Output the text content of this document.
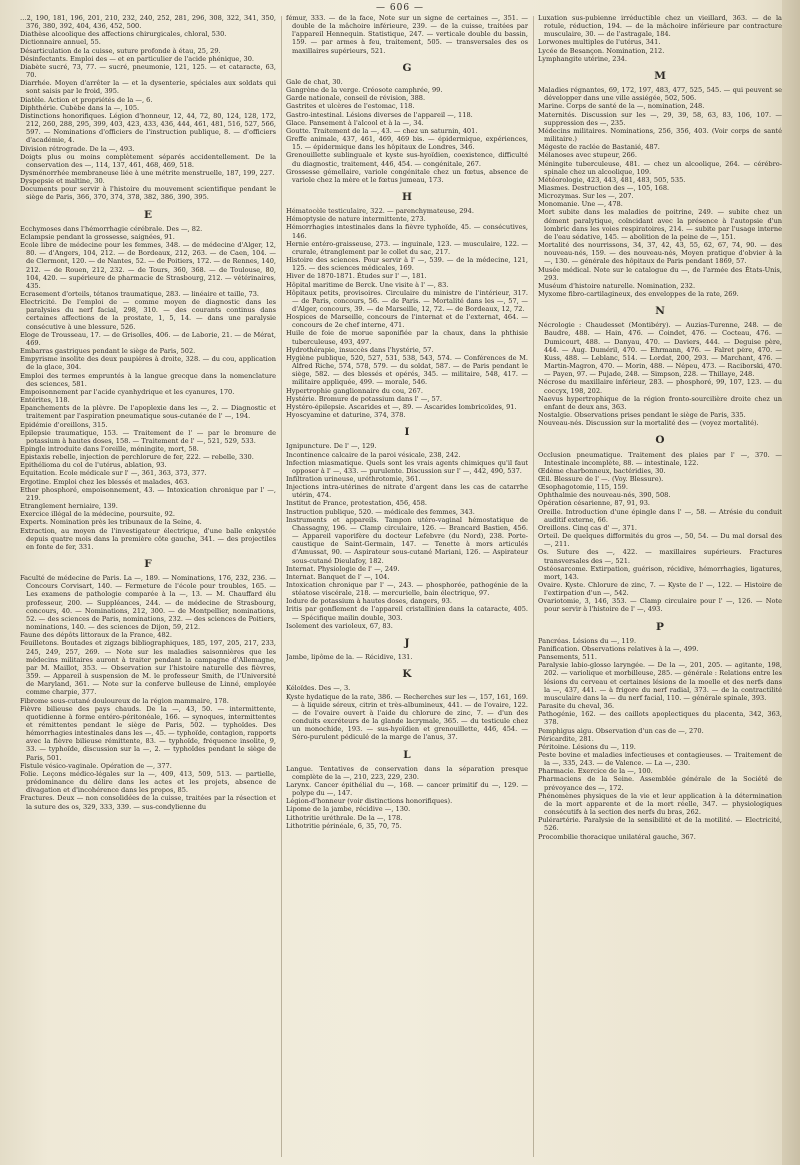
— 606 —

…2, 190, 181, 196, 201, 210, 232, 240, 252, 281, 296, 308, 322, 341, 350, 376, 380, 392, 404, 436, 452, 500.

Diathèse alcoolique des affections chirurgicales, chloral, 530.

Dictionnaire annuel, 55.

Désarticulation de la cuisse, suture profonde à étau, 25, 29.

Désinfectants. Emploi des — et en particulier de l'acide phénique, 30.

Diabète sucré, 73, 77. — sucré, pneumonie, 121, 125. — et cataracte, 63, 70.

Diarrhée. Moyen d'arrêter la — et la dysenterie, spéciales aux soldats qui sont saisis par le froid, 395.

Diatèle. Action et propriétés de la —, 6.

Diphthérie. Cubèbe dans la —, 105.

Distinctions honorifiques. Légion d'honneur, 12, 44, 72, 80, 124, 128, 172, 212, 260, 288, 295, 399, 403, 423, 433, 436, 444, 461, 481, 516, 527, 566, 597. — Nominations d'officiers de l'instruction publique, 8. — d'officiers d'académie, 4.

Division rétrograde. De la —, 493.

Doigts plus ou moins complètement séparés accidentellement. De la conservation des —, 114, 137, 461, 468, 469, 518.

Dysménorrhée membraneuse liée à une métrite menstruelle, 187, 199, 227.

Dyspepsie et maltine, 30.

Documents pour servir à l'histoire du mouvement scientifique pendant le siège de Paris, 366, 370, 374, 378, 382, 386, 390, 395.

E

Ecchymoses dans l'hémorrhagie cérébrale. Des —, 82.

Eclampsie pendant la grossesse, saignées, 91.

Ecole libre de médecine pour les femmes, 348. — de médecine d'Alger, 12, 80. — d'Angers, 104, 212. — de Bordeaux, 212, 263. — de Caen, 104. — de Clermont, 120. — de Nantes, 52. — de Poitiers, 172. — de Rennes, 140, 212. — de Rouen, 212, 232. — de Tours, 360, 368. — de Toulouse, 80, 104, 420. — supérieure de pharmacie de Strasbourg, 212. — vétérinaires, 435.

Ecrasement d'orteils, tétanos traumatique, 283. — linéaire et taille, 73.

Electricité. De l'emploi de — comme moyen de diagnostic dans les paralysies du nerf facial, 298, 310. — des courants continus dans certaines affections de la prostate, 1, 5, 14. — dans une paralysie consécutive à une blessure, 526.

Eloge de Trousseau, 17. — de Grisolles, 406. — de Laborie, 21. — de Mérat, 469.

Embarras gastriques pendant le siège de Paris, 502.

Empyrisme insolite des deux paupières à droite, 328. — du cou, application de la glace, 304.

Emploi des termes empruntés à la langue grecque dans la nomenclature des sciences, 581.

Empoisonnement par l'acide cyanhydrique et les cyanures, 170.

Entérites, 118.

Epanchements de la plèvre. De l'apoplexie dans les —, 2. — Diagnostic et traitement par l'aspiration pneumatique sous-cutanée de l' —, 194.

Epidémie d'oreillons, 315.

Epilepsie traumatique, 153. — Traitement de l' — par le bromure de potassium à hautes doses, 158. — Traitement de l' —, 521, 529, 533.

Epingle introduite dans l'oreille, méningite, mort, 58.

Epistaxis rebelle, injection de perchlorure de fer, 222. — rebelle, 330.

Epithélioma du col de l'utérus, ablation, 93.

Equitation. Ecole médicale sur l' —, 361, 363, 373, 377.

Ergotine. Emploi chez les blessés et malades, 463.

Ether phosphoré, empoisonnement, 43. — Intoxication chronique par l' —, 219.

Etranglement herniaire, 139.

Exercice illégal de la médecine, poursuite, 92.

Experts. Nomination près les tribunaux de la Seine, 4.

Extraction, au moyen de l'investigateur électrique, d'une balle enkystée depuis quatre mois dans la première côte gauche, 341. — des projectiles en fonte de fer, 331.

F

Faculté de médecine de Paris. La —, 189. — Nominations, 176, 232, 236. — Concours Corvisart, 140. — Fermeture de l'école pour troubles, 165. — Les examens de pathologie comparée à la —, 13. — M. Chauffard élu professeur, 200. — Suppléances, 244. — de médecine de Strasbourg, concours, 40. — Nominations, 212, 300. — de Montpellier, nominations, 52. — des sciences de Paris, nominations, 232. — des sciences de Poitiers, nominations, 140. — des sciences de Dijon, 59, 212.

Faune des dépôts littoraux de la France, 482.

Feuilletons. Boutades et zigzags bibliographiques, 185, 197, 205, 217, 233, 245, 249, 257, 269. — Note sur les maladies saisonnières que les médecins militaires auront à traiter pendant la campagne d'Allemagne, par M. Maillot, 353. — Observation sur l'histoire naturelle des fièvres, 359. — Appareil à suspension de M. le professeur Smith, de l'Université de Maryland, 361. — Note sur la conferve bulleuse de Linné, employée comme charpie, 377.

Fibrome sous-cutané douloureux de la région mammaire, 178.

Fièvre bilieuse des pays chauds. De la —, 43, 50. — intermittente, quotidienne à forme entéro-péritonéale, 166. — synoques, intermittentes et rémittentes pendant le siège de Paris, 502. — typhoïdes. Des hémorrhagies intestinales dans les —, 45. — typhoïde, contagion, rapports avec la fièvre bilieuse rémittente, 83. — typhoïde, fréquence insolite, 9, 33. — typhoïde, discussion sur la —, 2. — typhoïdes pendant le siège de Paris, 501.

Fistule vésico-vaginale. Opération de —, 377.

Folie. Leçons médico-légales sur la —, 409, 413, 509, 513. — partielle, prédominance du délire dans les actes et les projets, absence de divagation et d'incohérence dans les propos, 85.

Fractures. Deux — non consolidées de la cuisse, traitées par la résection et la suture des os, 329, 333, 339. — sus-condylienne du

fémur, 333. — de la face, Note sur un signe de certaines —, 351. — double de la mâchoire inférieure, 239. — de la cuisse, traitées par l'appareil Hennequin. Statistique, 247. — verticale double du bassin, 159. — par armes à feu, traitement, 505. — transversales des os maxillaires supérieurs, 521.

G

Gale de chat, 30.

Gangrène de la verge. Créosote camphrée, 99.

Garde nationale, conseil de révision, 388.

Gastrites et ulcères de l'estomac, 118.

Gastro-intestinal. Lésions diverses de l'appareil —, 118.

Glace. Pansement à l'alcool et à la —, 34.

Goutte. Traitement de la —, 43. — chez un saturnin, 401.

Greffe animale, 437, 461, 469, 469 bis. — épidermique, expériences, 15. — épidermique dans les hôpitaux de Londres, 346.

Grenouillette sublinguale et kyste sus-hyoïdien, coexistence, difficulté du diagnostic, traitement, 446, 454. — congénitale, 267.

Grossesse gémellaire, variole congénitale chez un fœtus, absence de variole chez la mère et le fœtus jumeau, 173.

H

Hématocèle testiculaire, 322. — parenchymateuse, 294.

Hémoptysie de nature intermittente, 273.

Hémorrhagies intestinales dans la fièvre typhoïde, 45. — consécutives, 146.

Hernie entéro-graisseuse, 273. — inguinale, 123. — musculaire, 122. — crurale, étranglement par le collet du sac, 217.

Histoire des sciences. Pour servir à l' —, 539. — de la médecine, 121, 125. — des sciences médicales, 169.

Hiver de 1870-1871. Études sur l' —, 181.

Hôpital maritime de Berck. Une visite à l' —, 83.

Hôpitaux petits, provisoires. Circulaire du ministre de l'intérieur, 317. — de Paris, concours, 56. — de Paris. — Mortalité dans les —, 57, — d'Alger, concours, 39. — de Marseille, 12, 72. — de Bordeaux, 12, 72.

Hospices de Marseille, concours de l'internat et de l'externat, 464. — concours de 2e chef interne, 471.

Huile de foie de morue saponifiée par la chaux, dans la phthisie tuberculeuse, 493, 497.

Hydrothérapie, insuccès dans l'hystérie, 57.

Hygiène publique, 520, 527, 531, 538, 543, 574. — Conférences de M. Alfred Riche, 574, 578, 579. — du soldat, 587. — de Paris pendant le siège, 582. — des blessés et opérés, 345. — militaire, 548, 417. — militaire appliquée, 499. — morale, 546.

Hypertrophie ganglionnaire du cou, 267.

Hystérie. Bromure de potassium dans l' —, 57.

Hystéro-épilepsie. Ascarides et —, 89. — Ascarides lombricoïdes, 91.

Hyoscyamine et daturine, 374, 378.

I

Ignipuncture. De l' —, 129.

Incontinence calcaire de la paroi vésicale, 238, 242.

Infection miasmatique. Quels sont les vrais agents chimiques qu'il faut opposer à l' —, 433. — purulente. Discussion sur l' —, 442, 490, 537.

Infiltration urineuse, uréthrotomie, 361.

Injections intra-utérines de nitrate d'argent dans les cas de catarrhe utérin, 474.

Institut de France, protestation, 456, 458.

Instruction publique, 520. — médicale des femmes, 343.

Instruments et appareils. Tampon utéro-vaginal hémostatique de Chassagny, 196. — Clamp circulaire, 126. — Brancard Bastien, 456. — Appareil vaporifère du docteur Lefebvre (du Nord), 238. Porte-caustique de Saint-Germain, 147. — Tenette à mors articulés d'Amussat, 90. — Aspirateur sous-cutané Mariani, 126. — Aspirateur sous-cutané Dieulafoy, 182.

Internat. Physiologie de l' —, 249.

Internat. Banquet de l' —, 104.

Intoxication chronique par l' —, 243. — phosphorée, pathogénie de la stéatose viscérale, 218. — mercurielle, bain électrique, 97.

Iodure de potassium à hautes doses, dangers, 93.

Iritis par gonflement de l'appareil cristallinien dans la cataracte, 405. — Spécifique mailin double, 303.

Isolement des varioleux, 67, 83.

J

Jambe, lipôme de la. — Récidive, 131.

K

Kéloïdes. Des —, 3.

Kyste hydatique de la rate, 386. — Recherches sur les —, 157, 161, 169. — à liquide séreux, citrin et très-albumineux, 441. — de l'ovaire, 122. — de l'ovaire ouvert à l'aide du chlorure de zinc, 7. — d'un des conduits excréteurs de la glande lacrymale, 365. — du testicule chez un monochide, 193. — sus-hyoïdien et grenouillette, 446, 454. — Séro-purulent pédiculé de la marge de l'anus, 37.

L

Langue. Tentatives de conservation dans la séparation presque complète de la —, 210, 223, 229, 230.

Larynx. Cancer épithélial du —, 168. — cancer primitif du —, 129. — polype du —, 147.

Légion-d'honneur (voir distinctions honorifiques).

Lipome de la jambe, récidive —, 130.

Lithotritie uréthrale. De la —, 178.

Lithotritie périnéale, 6, 35, 70, 75.

Luxation sus-pubienne irréductible chez un vieillard, 363. — de la rotule, réduction, 194. — de la mâchoire inférieure par contracture musculaire, 30. — de l'astragale, 184.

Lorwones multiples de l'utérus, 341.

Lycée de Besançon. Nomination, 212.

Lymphangite utérine, 234.

M

Maladies régnantes, 69, 172, 197, 483, 477, 525, 545. — qui peuvent se développer dans une ville assiégée, 502, 506.

Marine. Corps de santé de la —, nomination, 248.

Maternités. Discussion sur les —, 29, 39, 58, 63, 83, 106, 107. — suppression des —, 235.

Médecins militaires. Nominations, 256, 356, 403. (Voir corps de santé militaire.)

Mégeste de raclée de Bastanié, 487.

Mélanoses avec stupeur, 266.

Méningite tuberculeuse, 481. — chez un alcoolique, 264. — cérébro-spinale chez un alcoolique, 109.

Météorologie, 423, 443, 481, 483, 505, 535.

Miasmes. Destruction des —, 105, 168.

Microzymas. Sur les —, 207.

Monomanie. Une —, 478.

Mort subite dans les maladies de poitrine, 249. — subite chez un dément paralytique, coïncidant avec la présence à l'autopsie d'un lombric dans les voies respiratoires, 214. — subite par l'usage interne de l'eau sédative, 145. — abolition de la peine de —, 151.

Mortalité des nourrissons, 34, 37, 42, 43, 55, 62, 67, 74, 90. — des nouveau-nés, 159. — des nouveau-nés, Moyen pratique d'obvier à la —, 130. — générale des hôpitaux de Paris pendant 1869, 57.

Musée médical. Note sur le catalogue du —, de l'armée des États-Unis, 293.

Muséum d'histoire naturelle. Nomination, 232.

Myxome fibro-cartilagineux, des enveloppes de la rate, 269.

N

Nécrologie : Chaudesset (Montibéry). — Auzias-Turenne, 248. — de Baudre, 488. — Hain, 476. — Coindet, 476. — Cocteau, 476. — Dumicourt, 488. — Danyau, 470. — Daviers, 444. — Deguise père, 444. — Aug. Duméril, 470. — Ehrmann, 476. — Falret père, 470. — Kuss, 488. — Leblanc, 514. — Lordat, 200, 293. — Marchant, 476. — Martin-Magron, 470. — Morin, 488. — Népeu, 473. — Raciborski, 470. — Payen, 97. — Pujade, 248. — Simpson, 228. — Thillaye, 248.

Nécrose du maxillaire inférieur, 283. — phosphoré, 99, 107, 123. — du coccyx, 198, 202.

Naevus hypertrophique de la région fronto-sourcilière droite chez un enfant de deux ans, 363.

Nostalgie. Observations prises pendant le siège de Paris, 335.

Nouveau-nés. Discussion sur la mortalité des — (voyez mortalité).

O

Occlusion pneumatique. Traitement des plaies par l' —, 370. — Intestinale incomplète, 88. — intestinale, 122.

Œdème charbonneux, bactéridies, 30.

Œil. Blessure de l' —. (Voy. Blessure).

Œsophagotomie, 115, 159.

Ophthalmie des nouveau-nés, 390, 508.

Opération césarienne, 87, 91, 93.

Oreille. Introduction d'une épingle dans l' —, 58. — Atrésie du conduit auditif externe, 66.

Oreillons. Cinq cas d' —, 371.

Orteil. De quelques difformités du gros —, 50, 54. — Du mal dorsal des —, 211.

Os. Suture des —, 422. — maxillaires supérieurs. Fractures transversales des —, 521.

Ostéosarcome. Extirpation, guérison, récidive, hémorrhagies, ligatures, mort, 143.

Ovaire. Kyste. Chlorure de zinc, 7. — Kyste de l' —, 122. — Histoire de l'extirpation d'un —, 542.

Ovariotomie, 3, 146, 353. — Clamp circulaire pour l' —, 126. — Note pour servir à l'histoire de l' —, 493.

P

Pancréas. Lésions du —, 119.

Panification. Observations relatives à la —, 499.

Pansements, 511.

Paralysie labio-glosso laryngée. — De la —, 201, 205. — agitante, 198, 202. — variolique et morbilleuse, 285. — générale : Relations entre les lésions du cerveau et certaines lésions de la moelle et des nerfs dans la —, 437, 441. — à frigore du nerf radial, 373. — de la contractilité musculaire dans la — du nerf facial, 110. — générale spinale, 393.

Parasite du cheval, 36.

Pathogénie, 162. — des caillots apoplectiques du placenta, 342, 363, 378.

Pemphigus aigu. Observation d'un cas de —, 270.

Péricardite, 281.

Péritoine. Lésions du —, 119.

Peste bovine et maladies infectieuses et contagieuses. — Traitement de la —, 335, 243. — de Valence. — La —, 230.

Pharmacie. Exercice de la —, 100.

Pharmaciens de la Seine. Assemblée générale de la Société de prévoyance des —, 172.

Phénomènes physiques de la vie et leur application à la détermination de la mort apparente et de la mort réelle, 347. — physiologiques consécutifs à la section des nerfs du bras, 262.

Pulérartérie. Paralysie de la sensibilité et de la motilité. — Electricité, 526.

Procombilie thoracique unilatéral gauche, 367.
